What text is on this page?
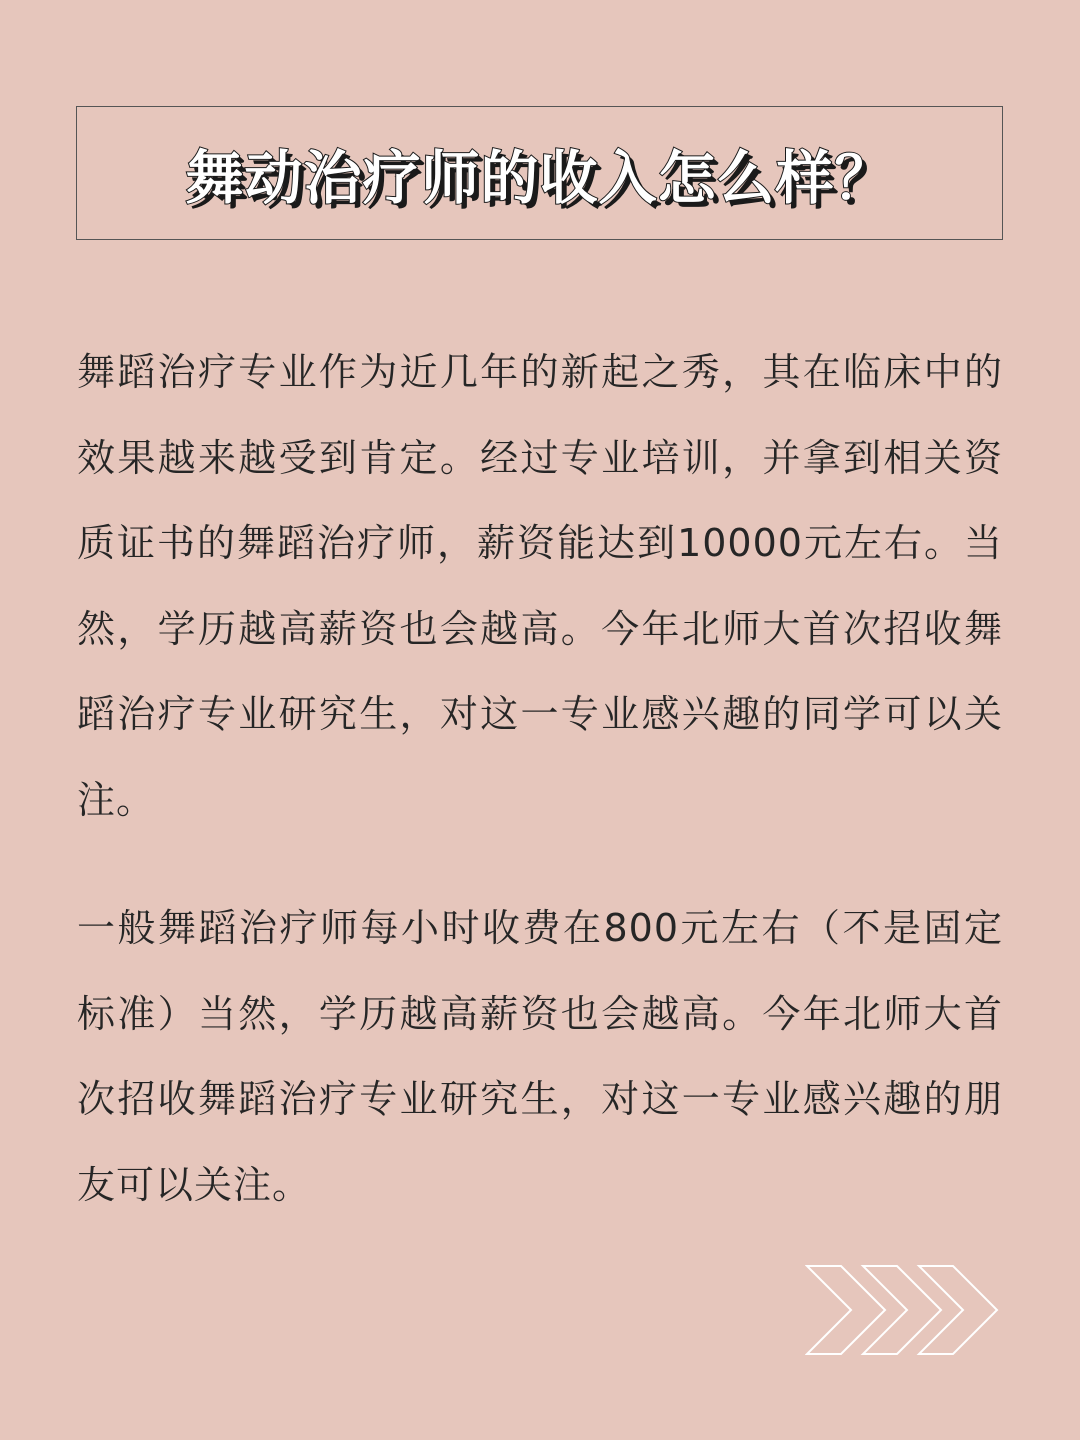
舞动治疗师的收入怎么样？

舞蹈治疗专业作为近几年的新起之秀，其在临床中的效果越来越受到肯定。经过专业培训，并拿到相关资质证书的舞蹈治疗师，薪资能达到10000元左右。当然，学历越高薪资也会越高。今年北师大首次招收舞蹈治疗专业研究生，对这一专业感兴趣的同学可以关注。

一般舞蹈治疗师每小时收费在800元左右（不是固定标准）当然，学历越高薪资也会越高。今年北师大首次招收舞蹈治疗专业研究生，对这一专业感兴趣的朋友可以关注。
